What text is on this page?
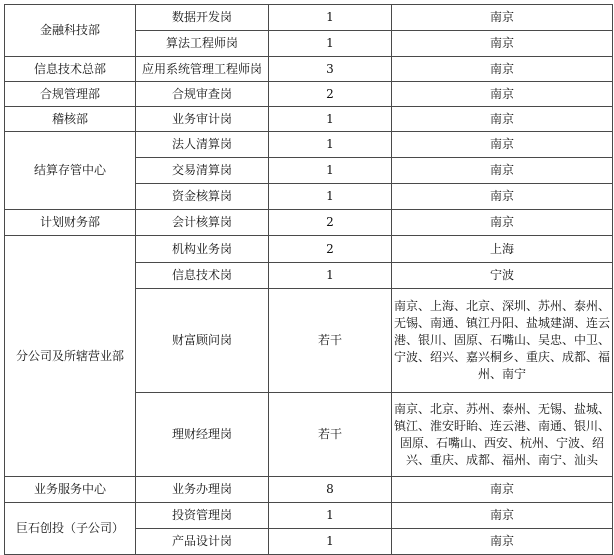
金融科技部	数据开发岗	1	南京
	算法工程师岗	1	南京
信息技术总部	应用系统管理工程师岗	3	南京
合规管理部	合规审查岗	2	南京
稽核部	业务审计岗	1	南京
结算存管中心	法人清算岗	1	南京
	交易清算岗	1	南京
	资金核算岗	1	南京
计划财务部	会计核算岗	2	南京
分公司及所辖营业部	机构业务岗	2	上海
	信息技术岗	1	宁波
	财富顾问岗	若干	南京、上海、北京、深圳、苏州、泰州、无锡、南通、镇江丹阳、盐城建湖、连云港、银川、固原、石嘴山、吴忠、中卫、宁波、绍兴、嘉兴桐乡、重庆、成都、福州、南宁
	理财经理岗	若干	南京、北京、苏州、泰州、无锡、盐城、镇江、淮安盱眙、连云港、南通、银川、固原、石嘴山、西安、杭州、宁波、绍兴、重庆、成都、福州、南宁、汕头
业务服务中心	业务办理岗	8	南京
巨石创投（子公司）	投资管理岗	1	南京
	产品设计岗	1	南京
